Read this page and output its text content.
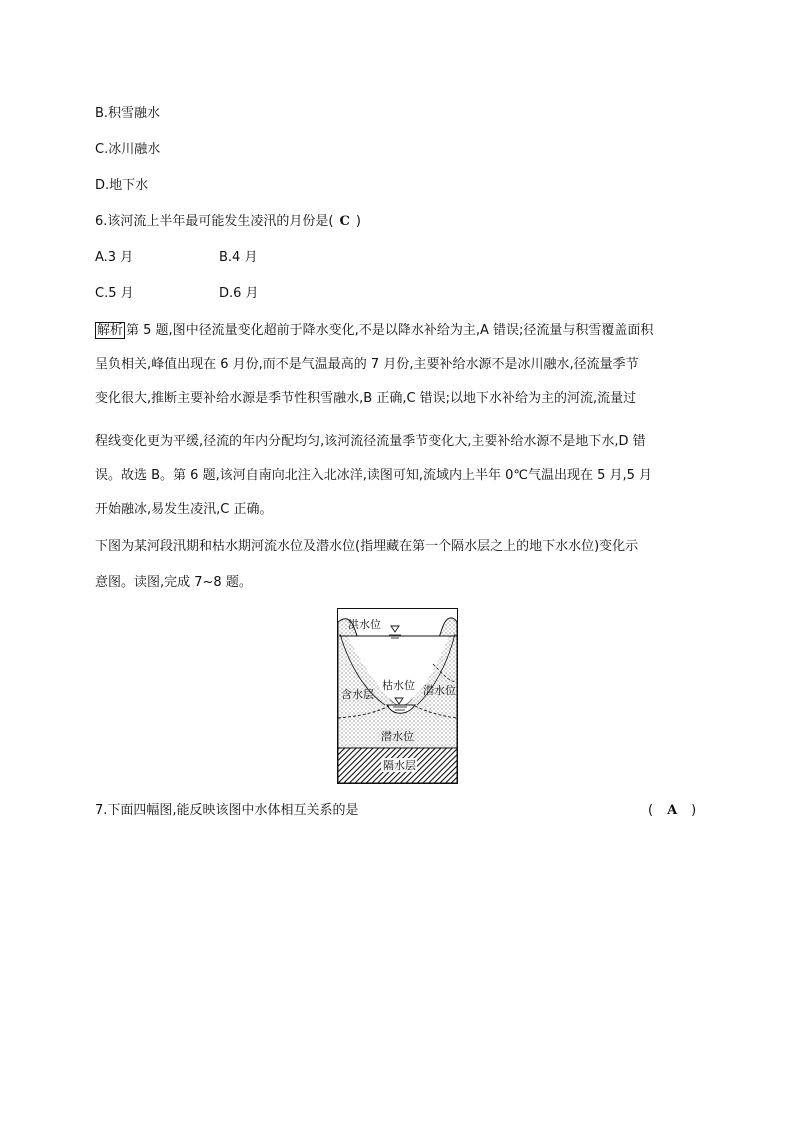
B.积雪融水
C.冰川融水
D.地下水
6.该河流上半年最可能发生凌汛的月份是( C )
A.3 月	B.4 月
C.5 月	D.6 月
解析 第 5 题,图中径流量变化超前于降水变化,不是以降水补给为主,A 错误;径流量与积雪覆盖面积
呈负相关,峰值出现在 6 月份,而不是气温最高的 7 月份,主要补给水源不是冰川融水,径流量季节
变化很大,推断主要补给水源是季节性积雪融水,B 正确,C 错误;以地下水补给为主的河流,流量过
程线变化更为平缓,径流的年内分配均匀,该河流径流量季节变化大,主要补给水源不是地下水,D 错
误。故选 B。第 6 题,该河自南向北注入北冰洋,读图可知,流域内上半年 0℃气温出现在 5 月,5 月
开始融冰,易发生凌汛,C 正确。
下图为某河段汛期和枯水期河流水位及潜水位(指埋藏在第一个隔水层之上的地下水水位)变化示
意图。读图,完成 7~8 题。
洪水位
枯水位 潜水位
含水层
潜水位
隔水层
7.下面四幅图,能反映该图中水体相互关系的是	( A )
